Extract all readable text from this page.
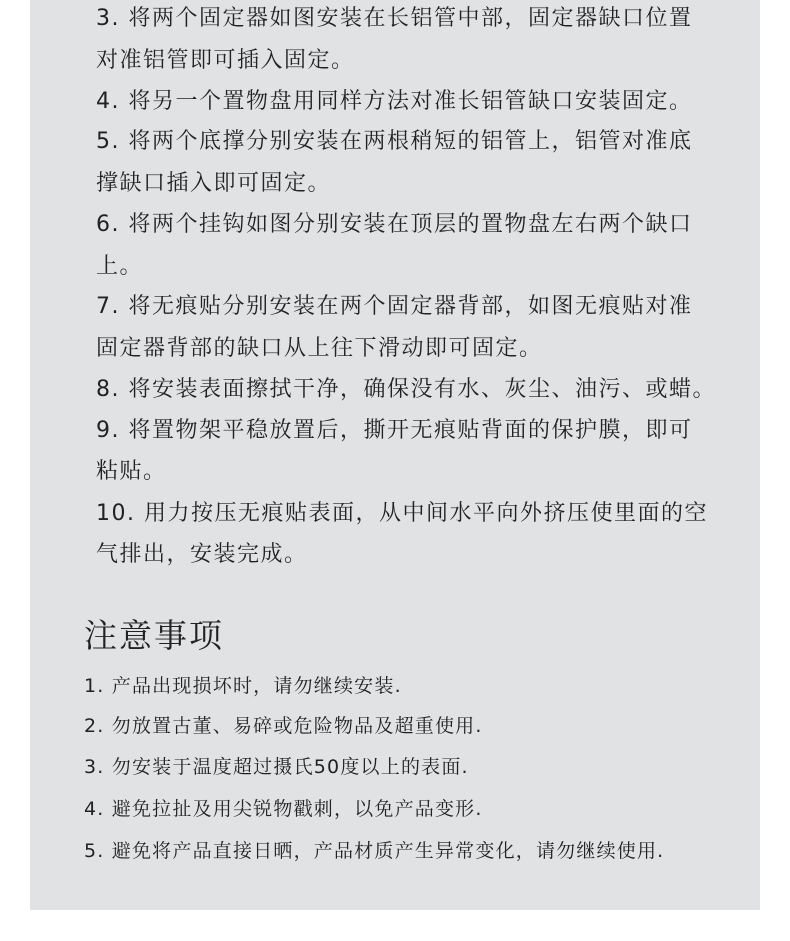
3. 将两个固定器如图安装在长铝管中部，固定器缺口位置
对准铝管即可插入固定。
4. 将另一个置物盘用同样方法对准长铝管缺口安装固定。
5. 将两个底撑分别安装在两根稍短的铝管上，铝管对准底
撑缺口插入即可固定。
6. 将两个挂钩如图分别安装在顶层的置物盘左右两个缺口
上。
7. 将无痕贴分别安装在两个固定器背部，如图无痕贴对准
固定器背部的缺口从上往下滑动即可固定。
8. 将安装表面擦拭干净，确保没有水、灰尘、油污、或蜡。
9. 将置物架平稳放置后，撕开无痕贴背面的保护膜，即可
粘贴。
10. 用力按压无痕贴表面，从中间水平向外挤压使里面的空
气排出，安装完成。
注意事项
1. 产品出现损坏时，请勿继续安装.
2. 勿放置古董、易碎或危险物品及超重使用.
3. 勿安装于温度超过摄氏50度以上的表面.
4. 避免拉扯及用尖锐物戳刺，以免产品变形.
5. 避免将产品直接日晒，产品材质产生异常变化，请勿继续使用.
